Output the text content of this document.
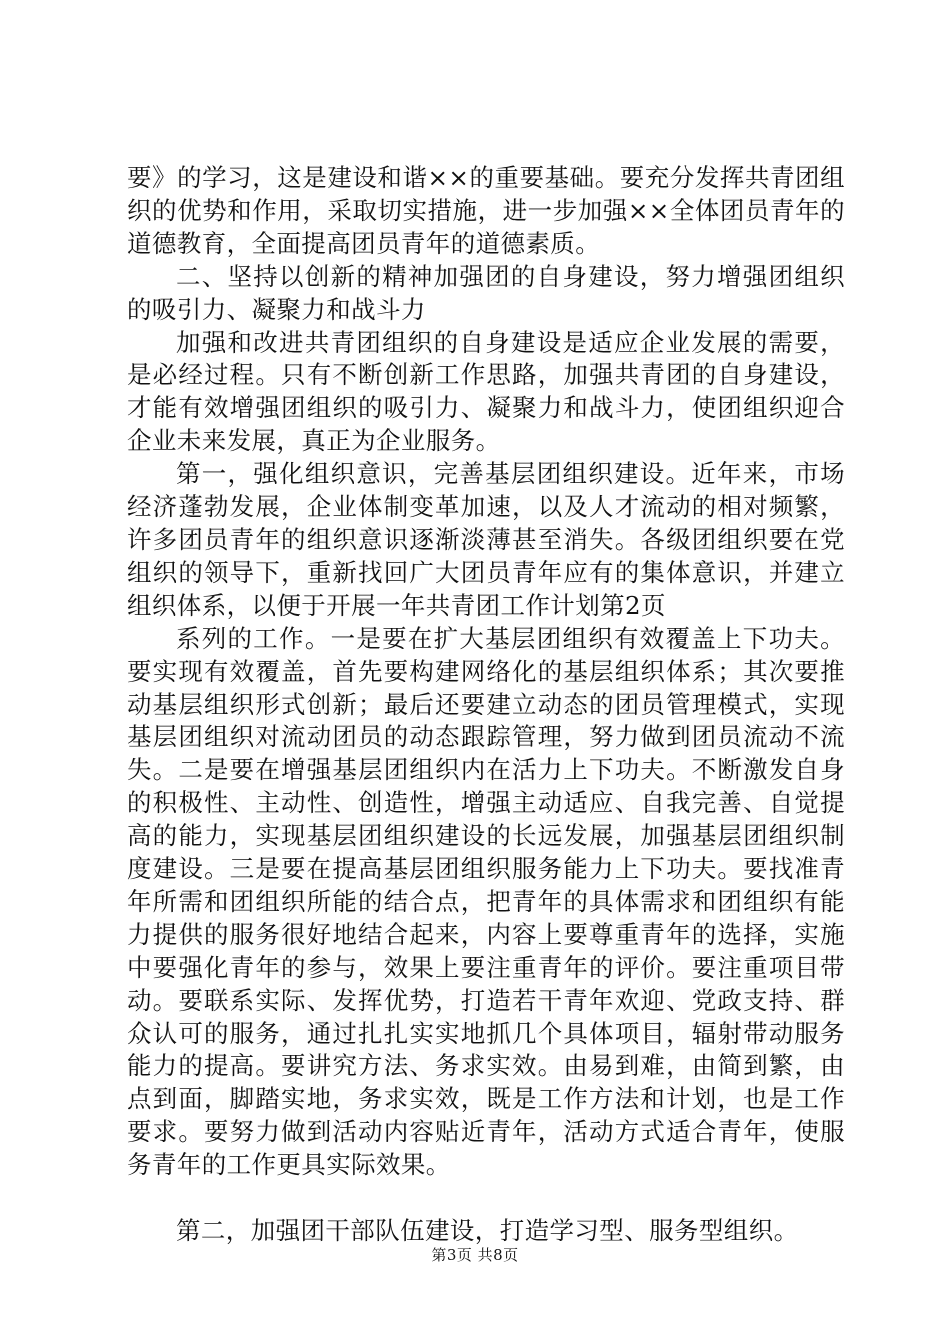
要》的学习，这是建设和谐××的重要基础。要充分发挥共青团组织的优势和作用，采取切实措施，进一步加强××全体团员青年的道德教育，全面提高团员青年的道德素质。

二、坚持以创新的精神加强团的自身建设，努力增强团组织的吸引力、凝聚力和战斗力

加强和改进共青团组织的自身建设是适应企业发展的需要，是必经过程。只有不断创新工作思路，加强共青团的自身建设，才能有效增强团组织的吸引力、凝聚力和战斗力，使团组织迎合企业未来发展，真正为企业服务。

第一，强化组织意识，完善基层团组织建设。近年来，市场经济蓬勃发展，企业体制变革加速，以及人才流动的相对频繁，许多团员青年的组织意识逐渐淡薄甚至消失。各级团组织要在党组织的领导下，重新找回广大团员青年应有的集体意识，并建立组织体系，以便于开展一年共青团工作计划第2页

系列的工作。一是要在扩大基层团组织有效覆盖上下功夫。要实现有效覆盖，首先要构建网络化的基层组织体系；其次要推动基层组织形式创新；最后还要建立动态的团员管理模式，实现基层团组织对流动团员的动态跟踪管理，努力做到团员流动不流失。二是要在增强基层团组织内在活力上下功夫。不断激发自身的积极性、主动性、创造性，增强主动适应、自我完善、自觉提高的能力，实现基层团组织建设的长远发展，加强基层团组织制度建设。三是要在提高基层团组织服务能力上下功夫。要找准青年所需和团组织所能的结合点，把青年的具体需求和团组织有能力提供的服务很好地结合起来，内容上要尊重青年的选择，实施中要强化青年的参与，效果上要注重青年的评价。要注重项目带动。要联系实际、发挥优势，打造若干青年欢迎、党政支持、群众认可的服务，通过扎扎实实地抓几个具体项目，辐射带动服务能力的提高。要讲究方法、务求实效。由易到难，由简到繁，由点到面，脚踏实地，务求实效，既是工作方法和计划，也是工作要求。要努力做到活动内容贴近青年，活动方式适合青年，使服务青年的工作更具实际效果。

第二，加强团干部队伍建设，打造学习型、服务型组织。

第3页 共8页
